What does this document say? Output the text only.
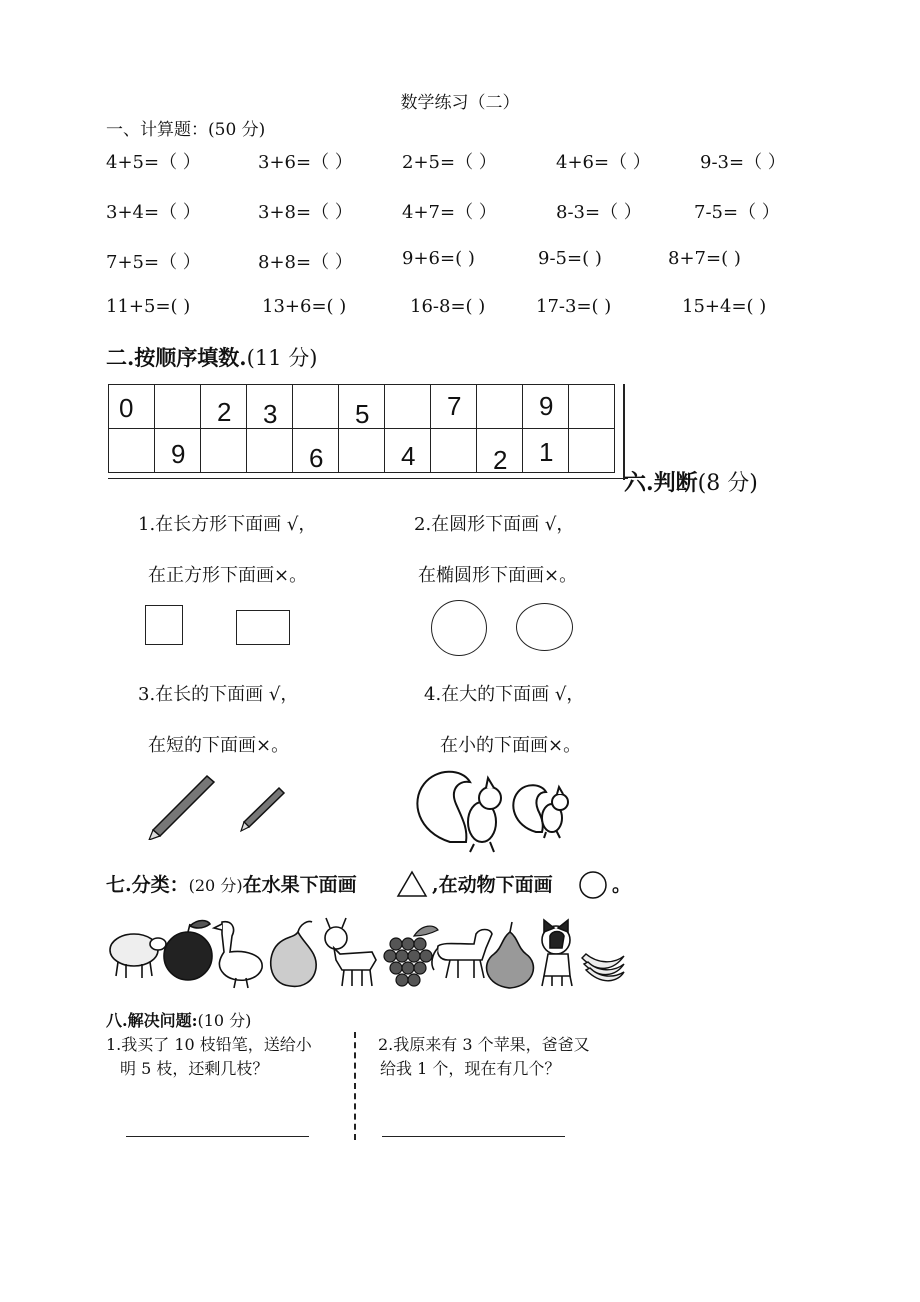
数学练习（二）
一、计算题：(50 分)
4+5=（ ）	3+6=（ ）	2+5=（ ）	4+6=（ ）	9-3=（ ）
3+4=（ ）	3+8=（ ）	4+7=（ ）	8-3=（ ）	7-5=（ ）
7+5=（ ）	8+8=（ ）	9+6=( )	9-5=( )	8+7=( )
11+5=( )	13+6=( )	16-8=( )	17-3=( )	15+4=( )
二.按顺序填数.(11 分)
0		2	3		5		7		9	

	9			6		4		2	1	

六.判断(8 分)
1.在长方形下面画 √，
在正方形下面画×。
2.在圆形下面画 √，
在椭圆形下面画×。
3.在长的下面画 √，
在短的下面画×。
4.在大的下面画 √，
在小的下面画×。
七.分类：(20 分)在水果下面画	,在动物下面画	。
八.解决问题:(10 分)
1.我买了 10 枝铅笔，送给小
明 5 枝，还剩几枝？
2.我原来有 3 个苹果，爸爸又
给我 1 个，现在有几个？
